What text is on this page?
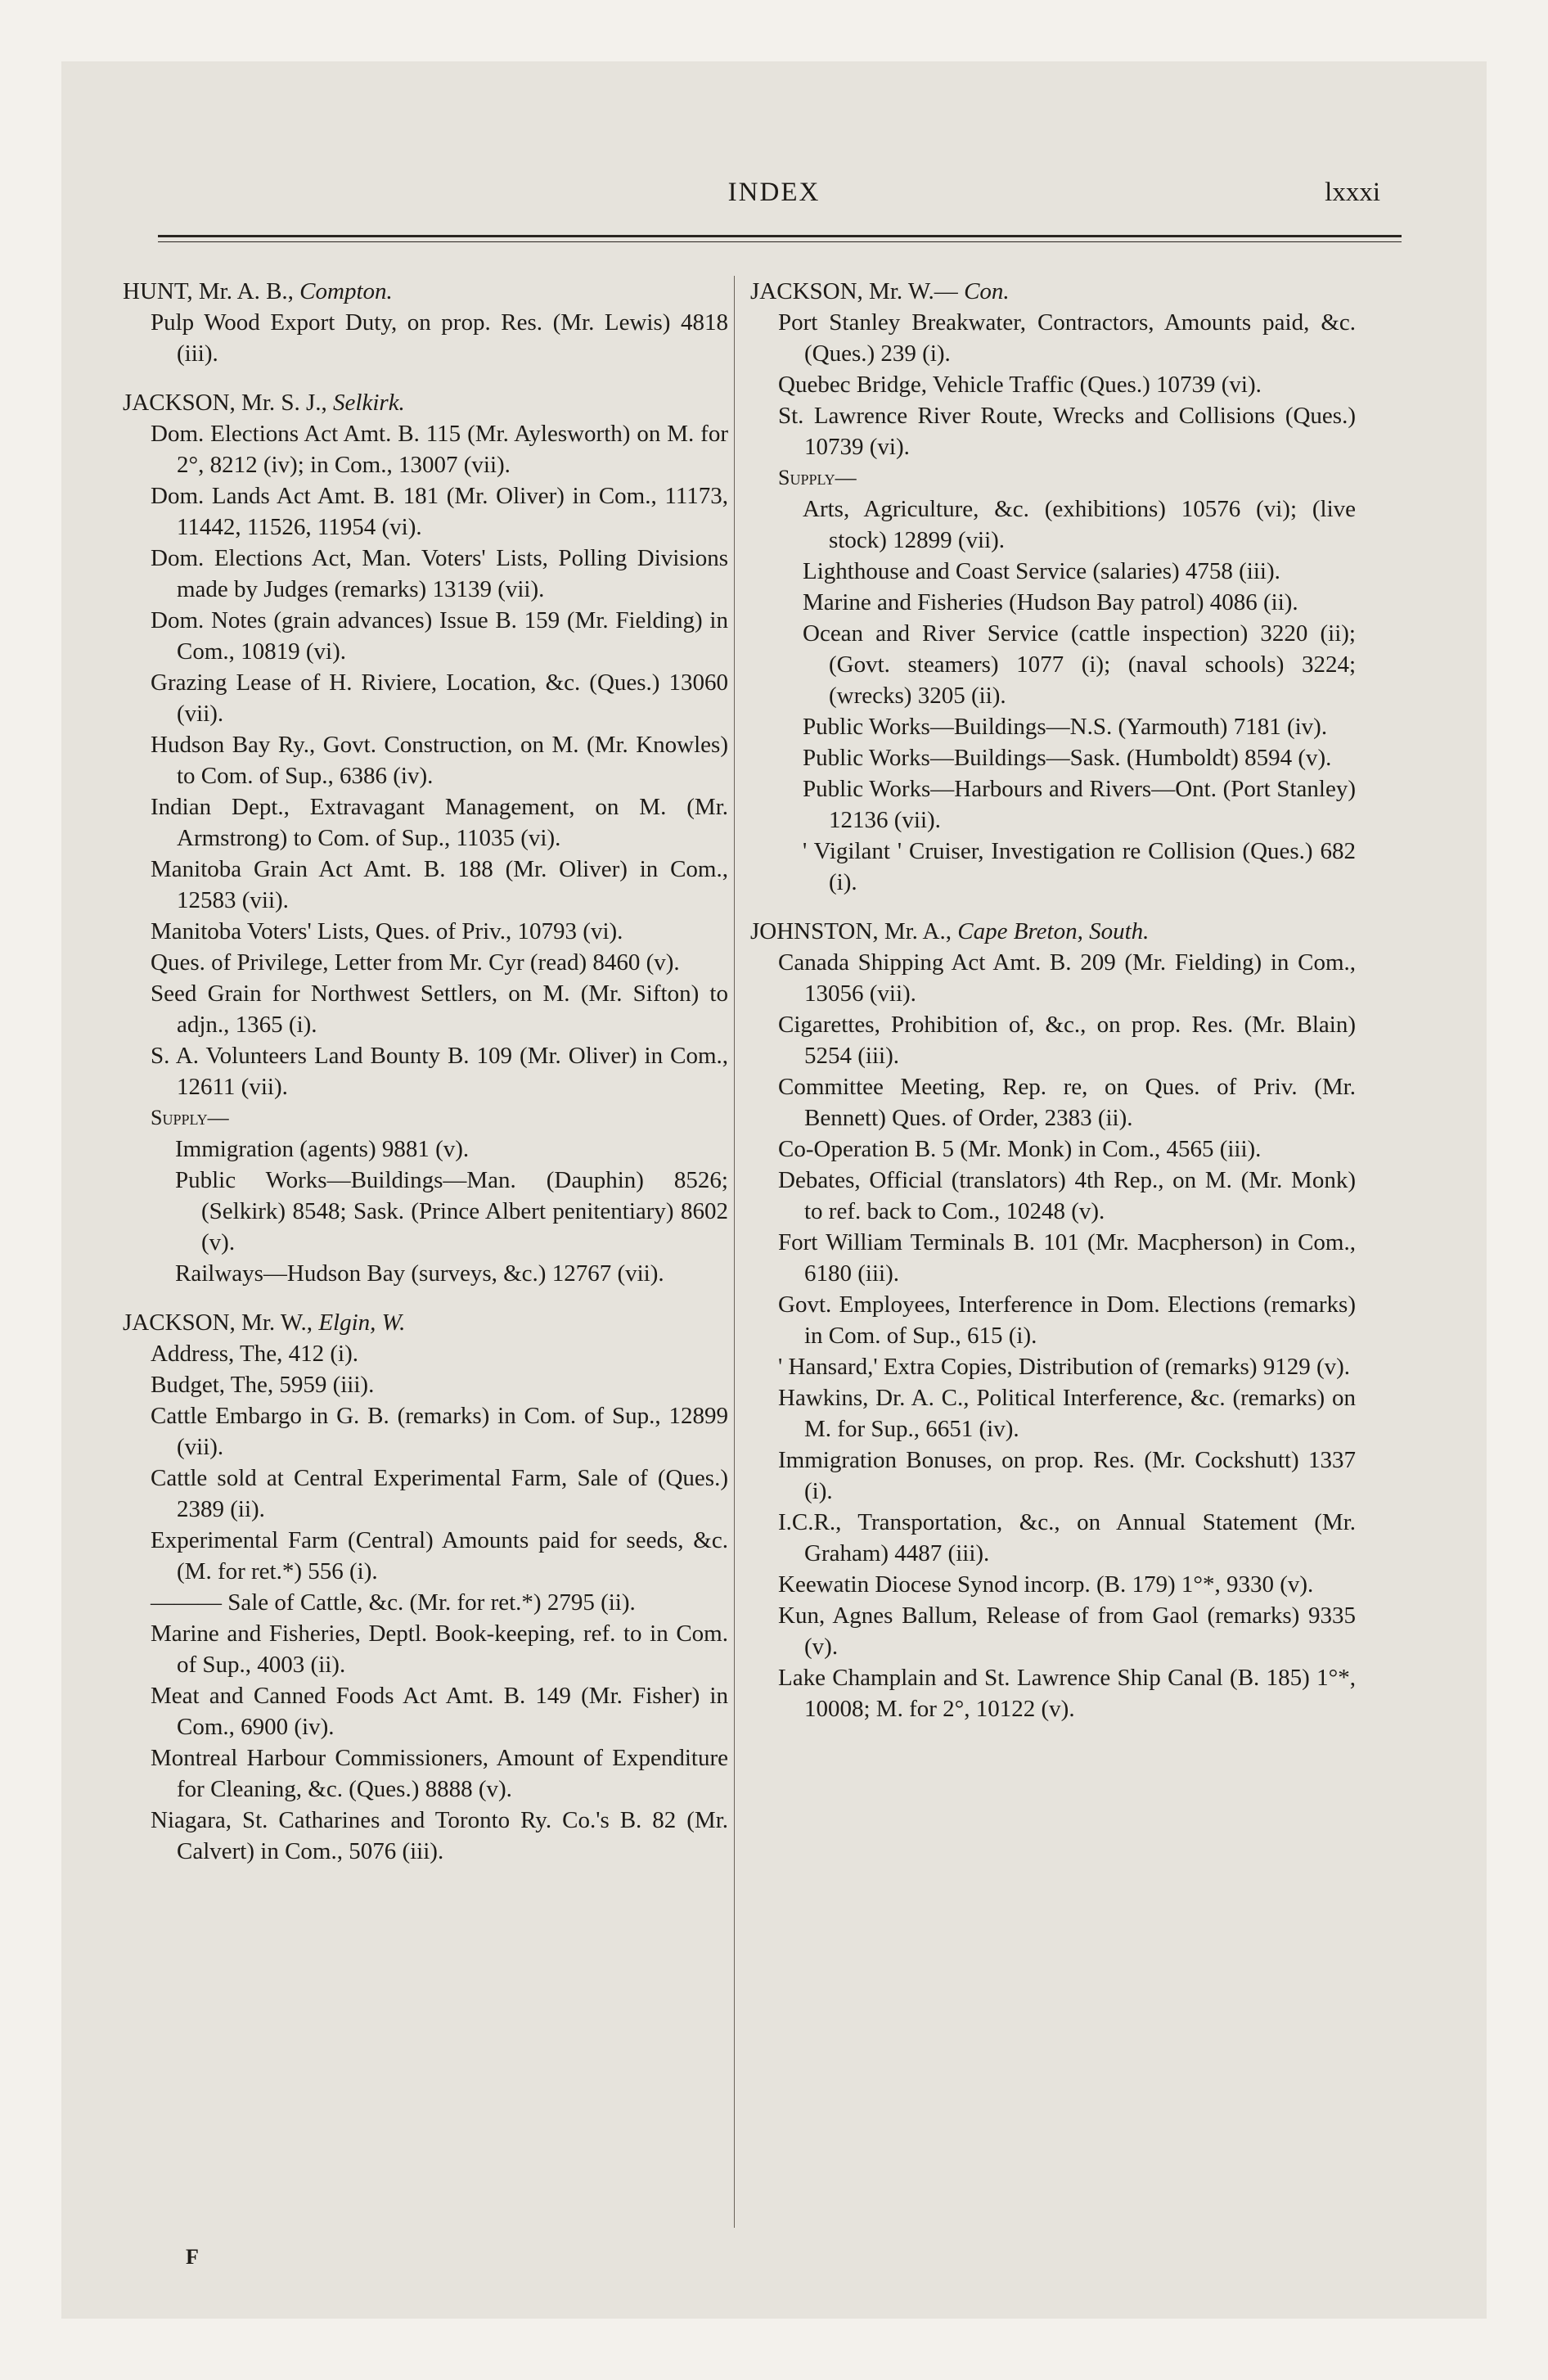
INDEX	lxxxi
HUNT, Mr. A. B., Compton.
Pulp Wood Export Duty, on prop. Res. (Mr. Lewis) 4818 (iii).
JACKSON, Mr. S. J., Selkirk.
Dom. Elections Act Amt. B. 115 (Mr. Aylesworth) on M. for 2°, 8212 (iv); in Com., 13007 (vii).
Dom. Lands Act Amt. B. 181 (Mr. Oliver) in Com., 11173, 11442, 11526, 11954 (vi).
Dom. Elections Act, Man. Voters' Lists, Polling Divisions made by Judges (remarks) 13139 (vii).
Dom. Notes (grain advances) Issue B. 159 (Mr. Fielding) in Com., 10819 (vi).
Grazing Lease of H. Riviere, Location, &c. (Ques.) 13060 (vii).
Hudson Bay Ry., Govt. Construction, on M. (Mr. Knowles) to Com. of Sup., 6386 (iv).
Indian Dept., Extravagant Management, on M. (Mr. Armstrong) to Com. of Sup., 11035 (vi).
Manitoba Grain Act Amt. B. 188 (Mr. Oliver) in Com., 12583 (vii).
Manitoba Voters' Lists, Ques. of Priv., 10793 (vi).
Ques. of Privilege, Letter from Mr. Cyr (read) 8460 (v).
Seed Grain for Northwest Settlers, on M. (Mr. Sifton) to adjn., 1365 (i).
S. A. Volunteers Land Bounty B. 109 (Mr. Oliver) in Com., 12611 (vii).
Supply—
Immigration (agents) 9881 (v).
Public Works—Buildings—Man. (Dauphin) 8526; (Selkirk) 8548; Sask. (Prince Albert penitentiary) 8602 (v).
Railways—Hudson Bay (surveys, &c.) 12767 (vii).
JACKSON, Mr. W., Elgin, W.
Address, The, 412 (i).
Budget, The, 5959 (iii).
Cattle Embargo in G. B. (remarks) in Com. of Sup., 12899 (vii).
Cattle sold at Central Experimental Farm, Sale of (Ques.) 2389 (ii).
Experimental Farm (Central) Amounts paid for seeds, &c. (M. for ret.*) 556 (i).
——— Sale of Cattle, &c. (Mr. for ret.*) 2795 (ii).
Marine and Fisheries, Deptl. Book-keeping, ref. to in Com. of Sup., 4003 (ii).
Meat and Canned Foods Act Amt. B. 149 (Mr. Fisher) in Com., 6900 (iv).
Montreal Harbour Commissioners, Amount of Expenditure for Cleaning, &c. (Ques.) 8888 (v).
Niagara, St. Catharines and Toronto Ry. Co.'s B. 82 (Mr. Calvert) in Com., 5076 (iii).
JACKSON, Mr. W.— Con.
Port Stanley Breakwater, Contractors, Amounts paid, &c. (Ques.) 239 (i).
Quebec Bridge, Vehicle Traffic (Ques.) 10739 (vi).
St. Lawrence River Route, Wrecks and Collisions (Ques.) 10739 (vi).
Supply—
Arts, Agriculture, &c. (exhibitions) 10576 (vi); (live stock) 12899 (vii).
Lighthouse and Coast Service (salaries) 4758 (iii).
Marine and Fisheries (Hudson Bay patrol) 4086 (ii).
Ocean and River Service (cattle inspection) 3220 (ii); (Govt. steamers) 1077 (i); (naval schools) 3224; (wrecks) 3205 (ii).
Public Works—Buildings—N.S. (Yarmouth) 7181 (iv).
Public Works—Buildings—Sask. (Humboldt) 8594 (v).
Public Works—Harbours and Rivers—Ont. (Port Stanley) 12136 (vii).
' Vigilant ' Cruiser, Investigation re Collision (Ques.) 682 (i).
JOHNSTON, Mr. A., Cape Breton, South.
Canada Shipping Act Amt. B. 209 (Mr. Fielding) in Com., 13056 (vii).
Cigarettes, Prohibition of, &c., on prop. Res. (Mr. Blain) 5254 (iii).
Committee Meeting, Rep. re, on Ques. of Priv. (Mr. Bennett) Ques. of Order, 2383 (ii).
Co-Operation B. 5 (Mr. Monk) in Com., 4565 (iii).
Debates, Official (translators) 4th Rep., on M. (Mr. Monk) to ref. back to Com., 10248 (v).
Fort William Terminals B. 101 (Mr. Macpherson) in Com., 6180 (iii).
Govt. Employees, Interference in Dom. Elections (remarks) in Com. of Sup., 615 (i).
' Hansard,' Extra Copies, Distribution of (remarks) 9129 (v).
Hawkins, Dr. A. C., Political Interference, &c. (remarks) on M. for Sup., 6651 (iv).
Immigration Bonuses, on prop. Res. (Mr. Cockshutt) 1337 (i).
I.C.R., Transportation, &c., on Annual Statement (Mr. Graham) 4487 (iii).
Keewatin Diocese Synod incorp. (B. 179) 1°*, 9330 (v).
Kun, Agnes Ballum, Release of from Gaol (remarks) 9335 (v).
Lake Champlain and St. Lawrence Ship Canal (B. 185) 1°*, 10008; M. for 2°, 10122 (v).
F
